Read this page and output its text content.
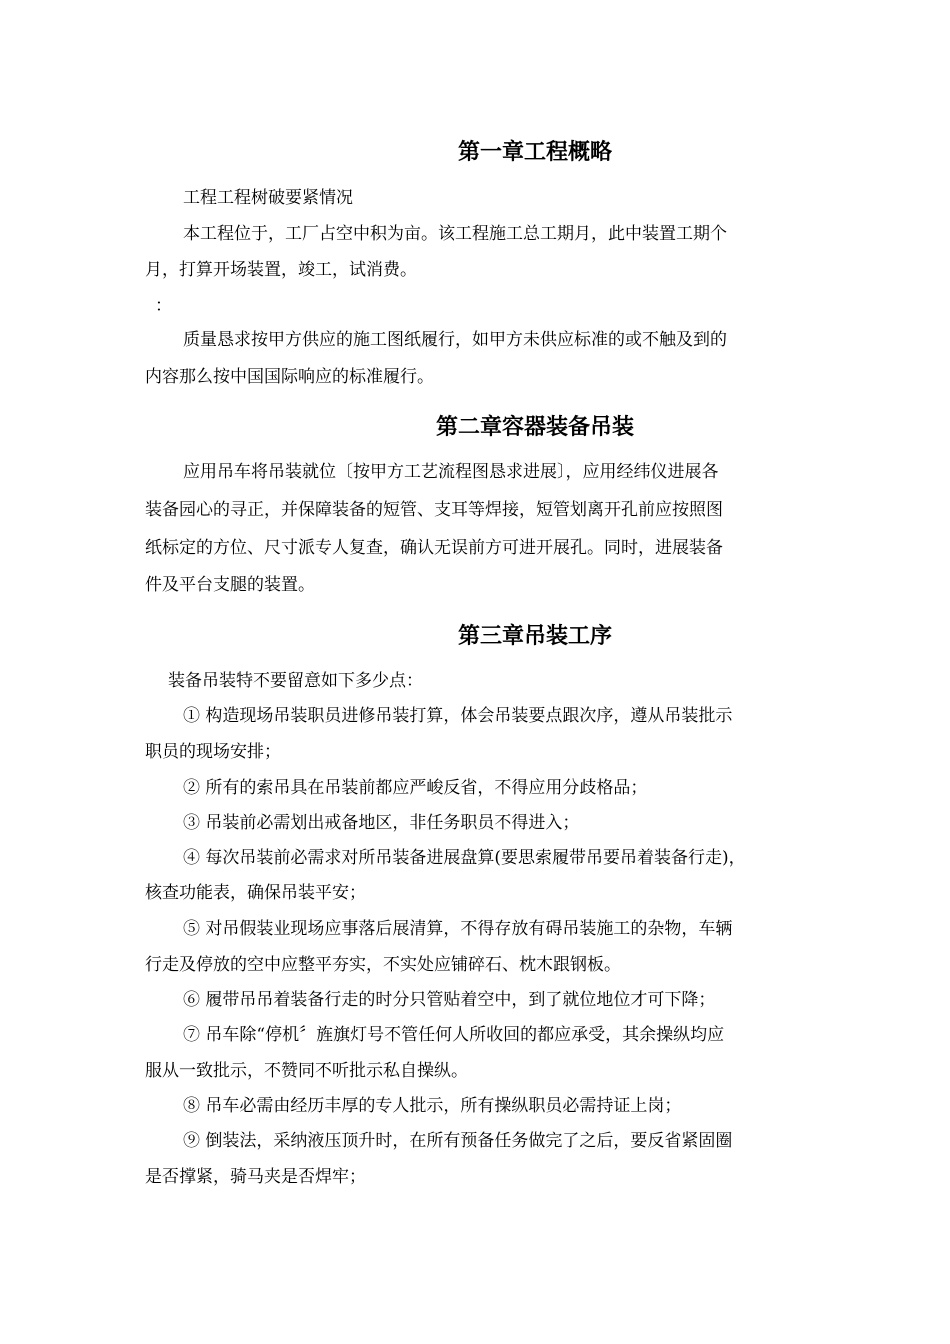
第一章工程概略
工程工程树破要紧情况
本工程位于，工厂占空中积为亩。该工程施工总工期月，此中装置工期个
月，打算开场装置，竣工，试消费。
：
质量恳求按甲方供应的施工图纸履行，如甲方未供应标准的或不触及到的
内容那么按中国国际响应的标准履行。
第二章容器装备吊装
应用吊车将吊装就位〔按甲方工艺流程图恳求进展〕，应用经纬仪进展各
装备园心的寻正，并保障装备的短管、支耳等焊接，短管划离开孔前应按照图
纸标定的方位、尺寸派专人复查，确认无误前方可进开展孔。同时，进展装备
件及平台支腿的装置。
第三章吊装工序
装备吊装特不要留意如下多少点：
① 构造现场吊装职员进修吊装打算，体会吊装要点跟次序，遵从吊装批示
职员的现场安排；
② 所有的索吊具在吊装前都应严峻反省，不得应用分歧格品；
③ 吊装前必需划出戒备地区，非任务职员不得进入；
④ 每次吊装前必需求对所吊装备进展盘算(要思索履带吊要吊着装备行走)，
核查功能表，确保吊装平安；
⑤ 对吊假装业现场应事落后展清算，不得存放有碍吊装施工的杂物，车辆
行走及停放的空中应整平夯实，不实处应铺碎石、枕木跟钢板。
⑥ 履带吊吊着装备行走的时分只管贴着空中，到了就位地位才可下降；
⑦ 吊车除“停机〞旌旗灯号不管任何人所收回的都应承受，其余操纵均应
服从一致批示，不赞同不听批示私自操纵。
⑧ 吊车必需由经历丰厚的专人批示，所有操纵职员必需持证上岗；
⑨ 倒装法，采纳液压顶升时，在所有预备任务做完了之后，要反省紧固圈
是否撑紧，骑马夹是否焊牢；
